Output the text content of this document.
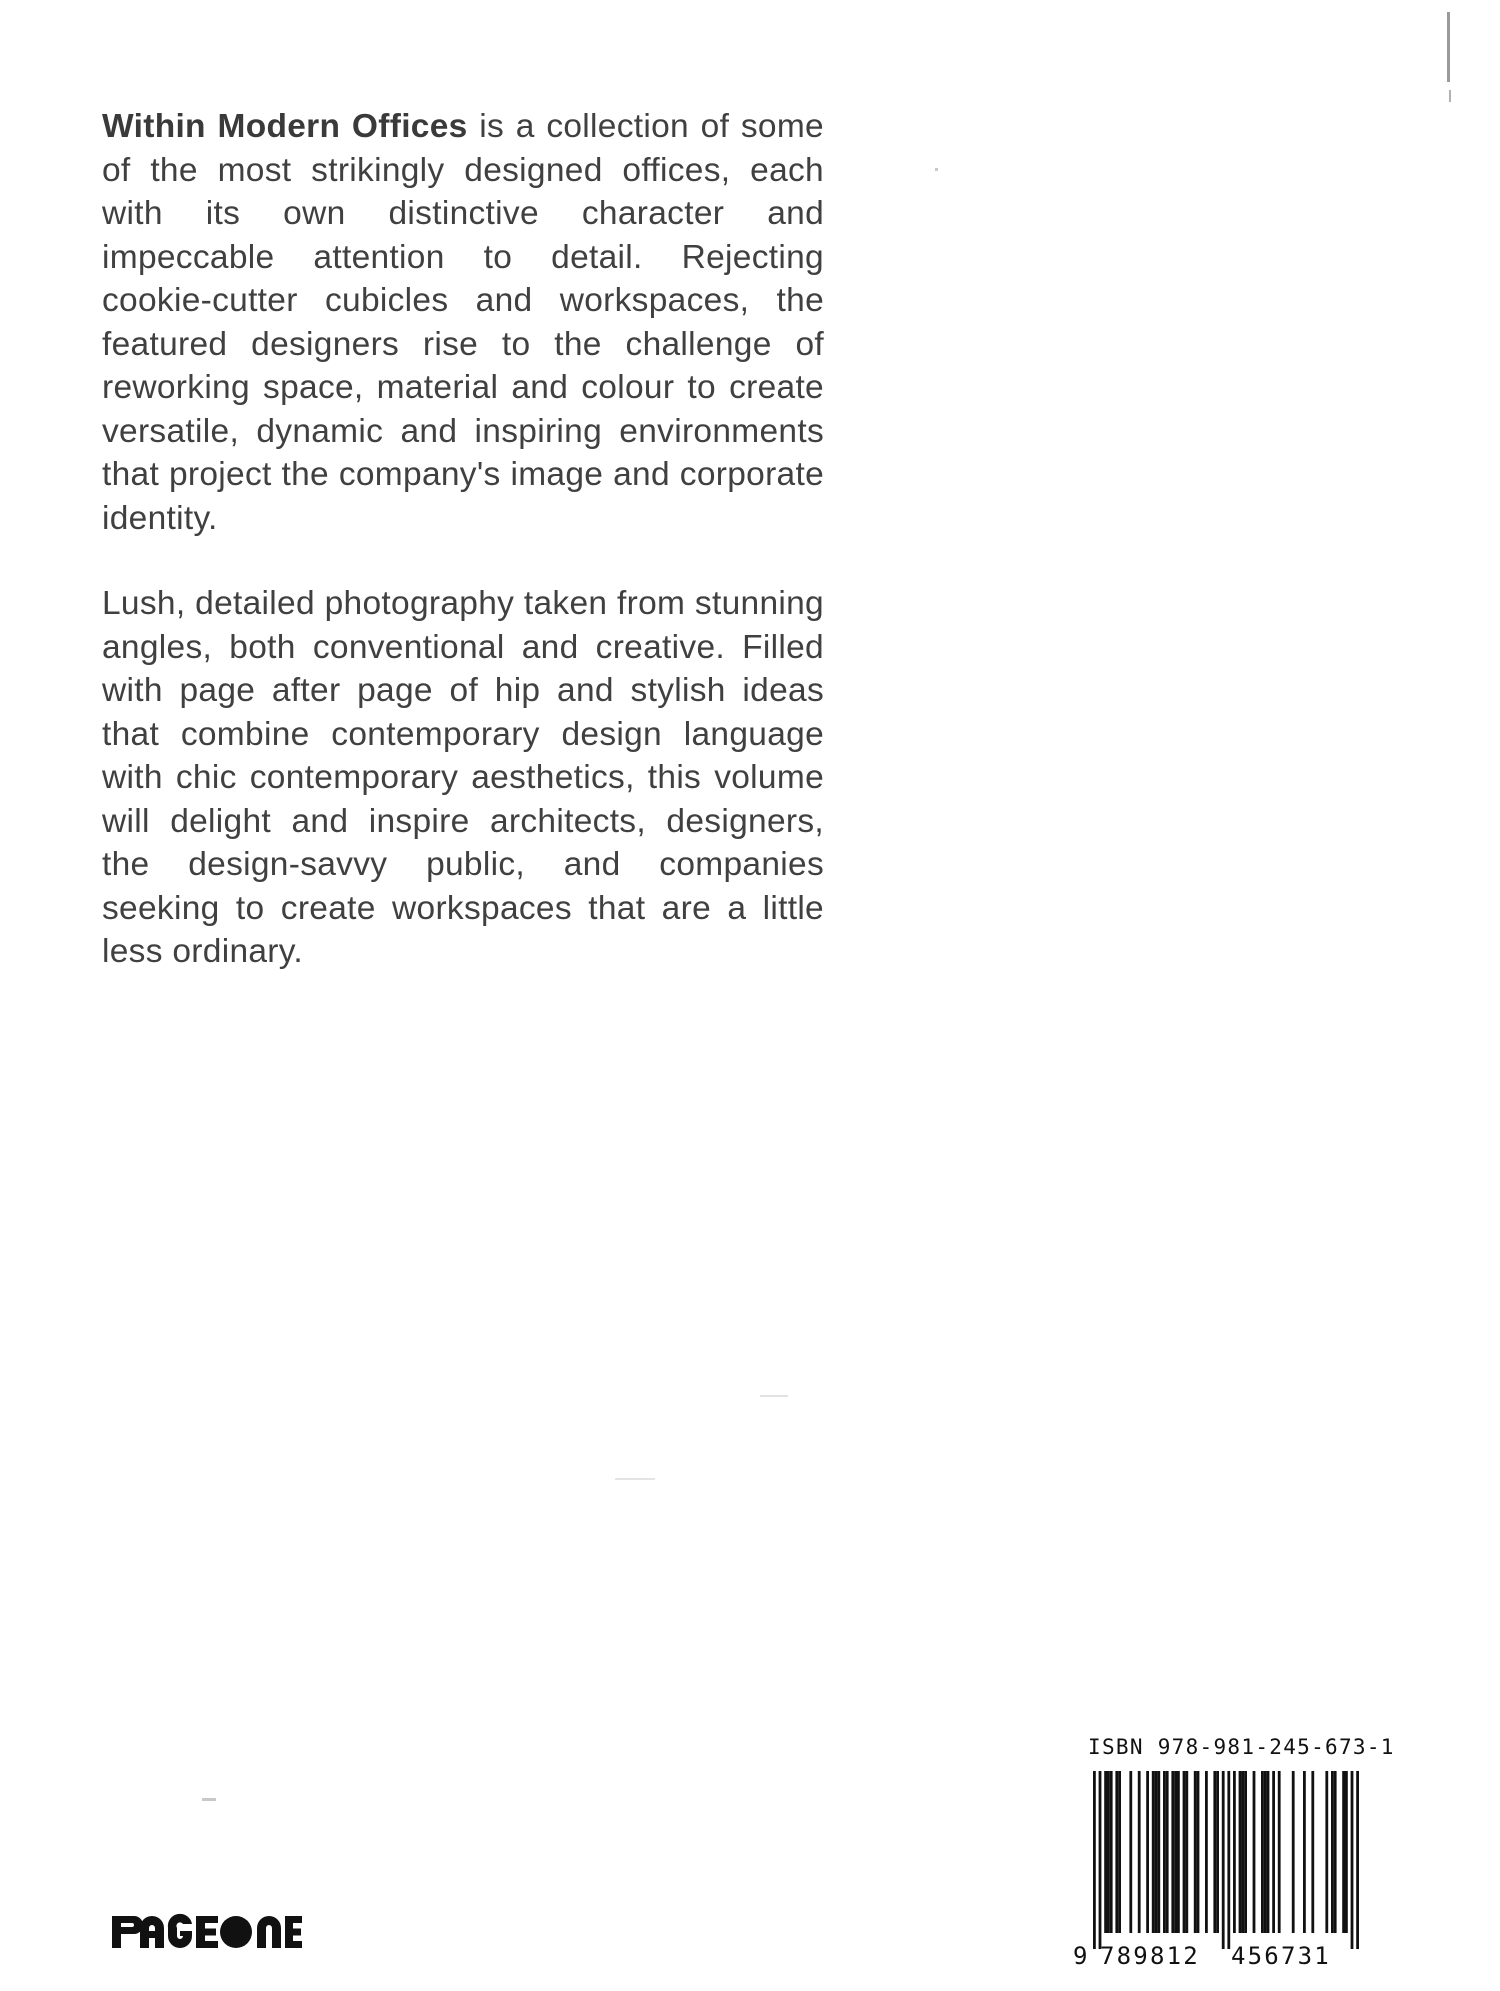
Within Modern Offices is a collection of some of the most strikingly designed offices, each with its own distinctive character and impeccable attention to detail. Rejecting cookie-cutter cubicles and workspaces, the featured designers rise to the challenge of reworking space, material and colour to create versatile, dynamic and inspiring environments that project the company's image and corporate identity.

Lush, detailed photography taken from stunning angles, both conventional and creative. Filled with page after page of hip and stylish ideas that combine contemporary design language with chic contemporary aesthetics, this volume will delight and inspire architects, designers, the design-savvy public, and companies seeking to create workspaces that are a little less ordinary.

ISBN 978-981-245-673-1
9 789812 456731
